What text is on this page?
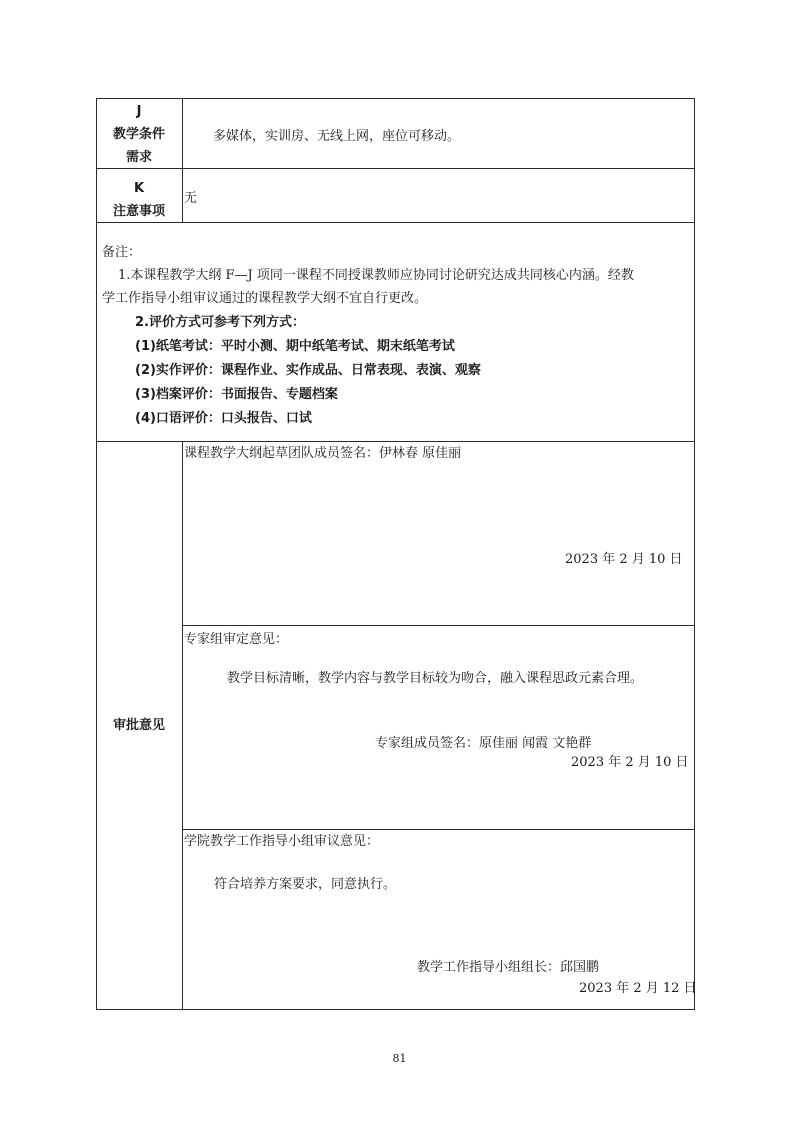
J
教学条件
需求
多媒体，实训房、无线上网，座位可移动。
K
注意事项
无
备注：
1.本课程教学大纲 F—J 项同一课程不同授课教师应协同讨论研究达成共同核心内涵。经教
学工作指导小组审议通过的课程教学大纲不宜自行更改。
2.评价方式可参考下列方式：
(1)纸笔考试：平时小测、期中纸笔考试、期末纸笔考试
(2)实作评价：课程作业、实作成品、日常表现、表演、观察
(3)档案评价：书面报告、专题档案
(4)口语评价：口头报告、口试
审批意见
课程教学大纲起草团队成员签名：伊林春 原佳丽
2023 年 2 月 10 日
专家组审定意见：
教学目标清晰，教学内容与教学目标较为吻合，融入课程思政元素合理。
专家组成员签名：原佳丽 闻霞 文艳群
2023 年 2 月 10 日
学院教学工作指导小组审议意见：
符合培养方案要求，同意执行。
教学工作指导小组组长：邱国鹏
2023 年 2 月 12 日
81
